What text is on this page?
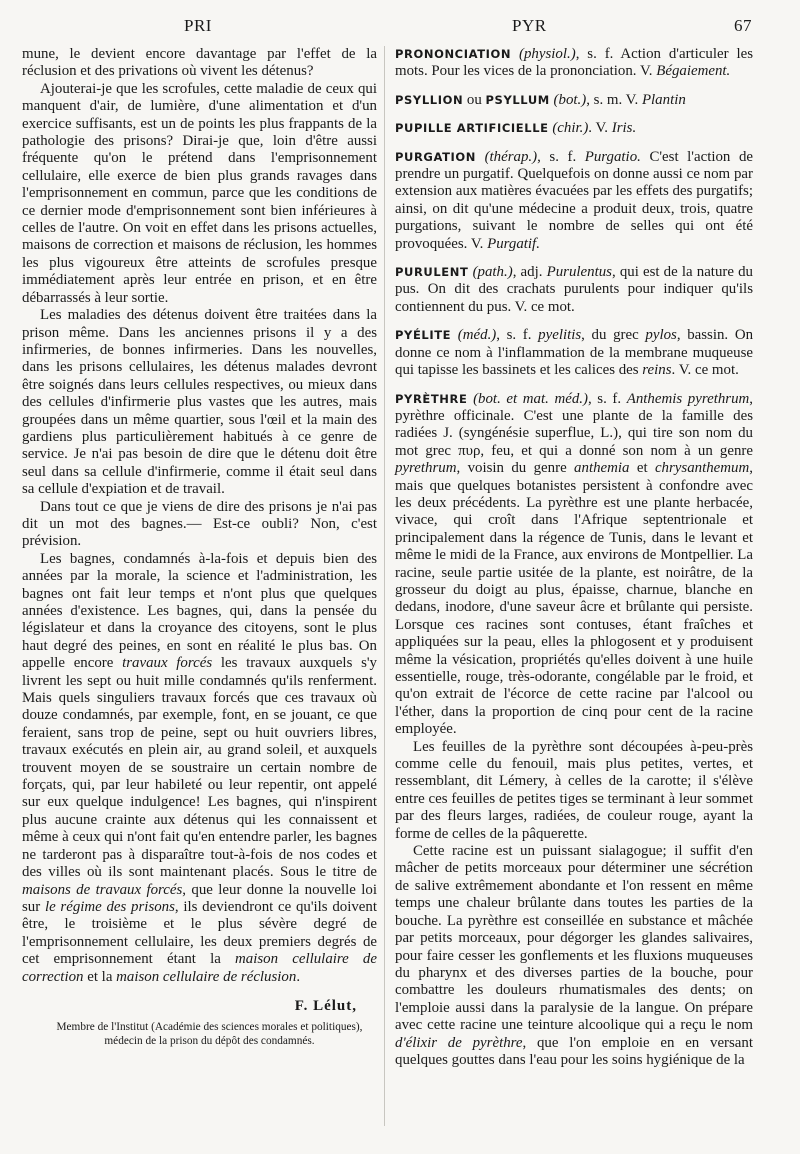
PRI	PYR	67

mune, le devient encore davantage par l'effet de la réclusion et des privations où vivent les détenus?

Ajouterai-je que les scrofules, cette maladie de ceux qui manquent d'air, de lumière, d'une alimentation et d'un exercice suffisants, est un de points les plus frappants de la pathologie des prisons? Dirai-je que, loin d'être aussi fréquente qu'on le prétend dans l'emprisonnement cellulaire, elle exerce de bien plus grands ravages dans l'emprisonnement en commun, parce que les conditions de ce dernier mode d'emprisonnement sont bien inférieures à celles de l'autre. On voit en effet dans les prisons actuelles, maisons de correction et maisons de réclusion, les hommes les plus vigoureux être atteints de scrofules presque immédiatement après leur entrée en prison, et en être débarrassés à leur sortie.

Les maladies des détenus doivent être traitées dans la prison même. Dans les anciennes prisons il y a des infirmeries, de bonnes infirmeries. Dans les nouvelles, dans les prisons cellulaires, les détenus malades devront être soignés dans leurs cellules respectives, ou mieux dans des cellules d'infirmerie plus vastes que les autres, mais groupées dans un même quartier, sous l'œil et la main des gardiens plus particulièrement habitués à ce genre de service. Je n'ai pas besoin de dire que le détenu doit être seul dans sa cellule d'infirmerie, comme il était seul dans sa cellule d'expiation et de travail.

Dans tout ce que je viens de dire des prisons je n'ai pas dit un mot des bagnes.— Est-ce oubli? Non, c'est prévision.

Les bagnes, condamnés à-la-fois et depuis bien des années par la morale, la science et l'administration, les bagnes ont fait leur temps et n'ont plus que quelques années d'existence. Les bagnes, qui, dans la pensée du législateur et dans la croyance des citoyens, sont le plus haut degré des peines, en sont en réalité le plus bas. On appelle encore travaux forcés les travaux auxquels s'y livrent les sept ou huit mille condamnés qu'ils renferment. Mais quels singuliers travaux forcés que ces travaux où douze condamnés, par exemple, font, en se jouant, ce que feraient, sans trop de peine, sept ou huit ouvriers libres, travaux exécutés en plein air, au grand soleil, et auxquels trouvent moyen de se soustraire un certain nombre de forçats, qui, par leur habileté ou leur repentir, ont appelé sur eux quelque indulgence! Les bagnes, qui n'inspirent plus aucune crainte aux détenus qui les connaissent et même à ceux qui n'ont fait qu'en entendre parler, les bagnes ne tarderont pas à disparaître tout-à-fois de nos codes et des villes où ils sont maintenant placés. Sous le titre de maisons de travaux forcés, que leur donne la nouvelle loi sur le régime des prisons, ils deviendront ce qu'ils doivent être, le troisième et le plus sévère degré de l'emprisonnement cellulaire, les deux premiers degrés de cet emprisonnement étant la maison cellulaire de correction et la maison cellulaire de réclusion.

F. Lélut,
Membre de l'Institut (Académie des sciences morales et politiques), médecin de la prison du dépôt des condamnés.

PRONONCIATION (physiol.), s. f. Action d'articuler les mots. Pour les vices de la prononciation. V. Bégaiement.

PSYLLION ou PSYLLUM (bot.), s. m. V. Plantin

PUPILLE ARTIFICIELLE (chir.). V. Iris.

PURGATION (thérap.), s. f. Purgatio. C'est l'action de prendre un purgatif. Quelquefois on donne aussi ce nom par extension aux matières évacuées par les effets des purgatifs; ainsi, on dit qu'une médecine a produit deux, trois, quatre purgations, suivant le nombre de selles qui ont été provoquées. V. Purgatif.

PURULENT (path.), adj. Purulentus, qui est de la nature du pus. On dit des crachats purulents pour indiquer qu'ils contiennent du pus. V. ce mot.

PYÉLITE (méd.), s. f. pyelitis, du grec pylos, bassin. On donne ce nom à l'inflammation de la membrane muqueuse qui tapisse les bassinets et les calices des reins. V. ce mot.

PYRÈTHRE (bot. et mat. méd.), s. f. Anthemis pyrethrum, pyrèthre officinale. C'est une plante de la famille des radiées J. (syngénésie superflue, L.), qui tire son nom du mot grec πυρ, feu, et qui a donné son nom à un genre pyrethrum, voisin du genre anthemia et chrysanthemum, mais que quelques botanistes persistent à confondre avec les deux précédents. La pyrèthre est une plante herbacée, vivace, qui croît dans l'Afrique septentrionale et principalement dans la régence de Tunis, dans le levant et même le midi de la France, aux environs de Montpellier. La racine, seule partie usitée de la plante, est noirâtre, de la grosseur du doigt au plus, épaisse, charnue, blanche en dedans, inodore, d'une saveur âcre et brûlante qui persiste. Lorsque ces racines sont contuses, étant fraîches et appliquées sur la peau, elles la phlogosent et y produisent même la vésication, propriétés qu'elles doivent à une huile essentielle, rouge, très-odorante, congélable par le froid, et qu'on extrait de l'écorce de cette racine par l'alcool ou l'éther, dans la proportion de cinq pour cent de la racine employée.

Les feuilles de la pyrèthre sont découpées à-peu-près comme celle du fenouil, mais plus petites, vertes, et ressemblant, dit Lémery, à celles de la carotte; il s'élève entre ces feuilles de petites tiges se terminant à leur sommet par des fleurs larges, radiées, de couleur rouge, ayant la forme de celles de la pâquerette.

Cette racine est un puissant sialagogue; il suffit d'en mâcher de petits morceaux pour déterminer une sécrétion de salive extrêmement abondante et l'on ressent en même temps une chaleur brûlante dans toutes les parties de la bouche. La pyrèthre est conseillée en substance et mâchée par petits morceaux, pour dégorger les glandes salivaires, pour faire cesser les gonflements et les fluxions muqueuses du pharynx et des diverses parties de la bouche, pour combattre les douleurs rhumatismales des dents; on l'emploie aussi dans la paralysie de la langue. On prépare avec cette racine une teinture alcoolique qui a reçu le nom d'élixir de pyrèthre, que l'on emploie en en versant quelques gouttes dans l'eau pour les soins hygiénique de la
